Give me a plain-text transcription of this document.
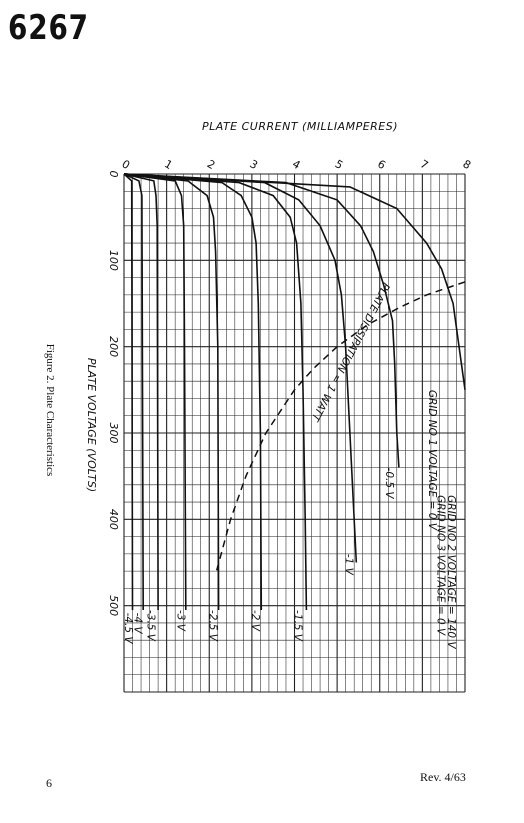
6267
PLATE CURRENT (MILLIAMPERES)
Figure 2. Plate Characteristics
6	Rev. 4/63
0	1	2	3	4	5	6	7	8
0
100
200
300
400
500
PLATE VOLTAGE (VOLTS)
PLATE DISSIPATION = 1 WATT
GRID NO 1 VOLTAGE = 0 V
-0.5 V
-1 V
-1.5 V
-2 V
-2.5 V
-3 V
-3.5 V
-4 V
-4.5 V	GRID NO 2 VOLTAGE = 140 V
GRID NO 3 VOLTAGE = 0 V
